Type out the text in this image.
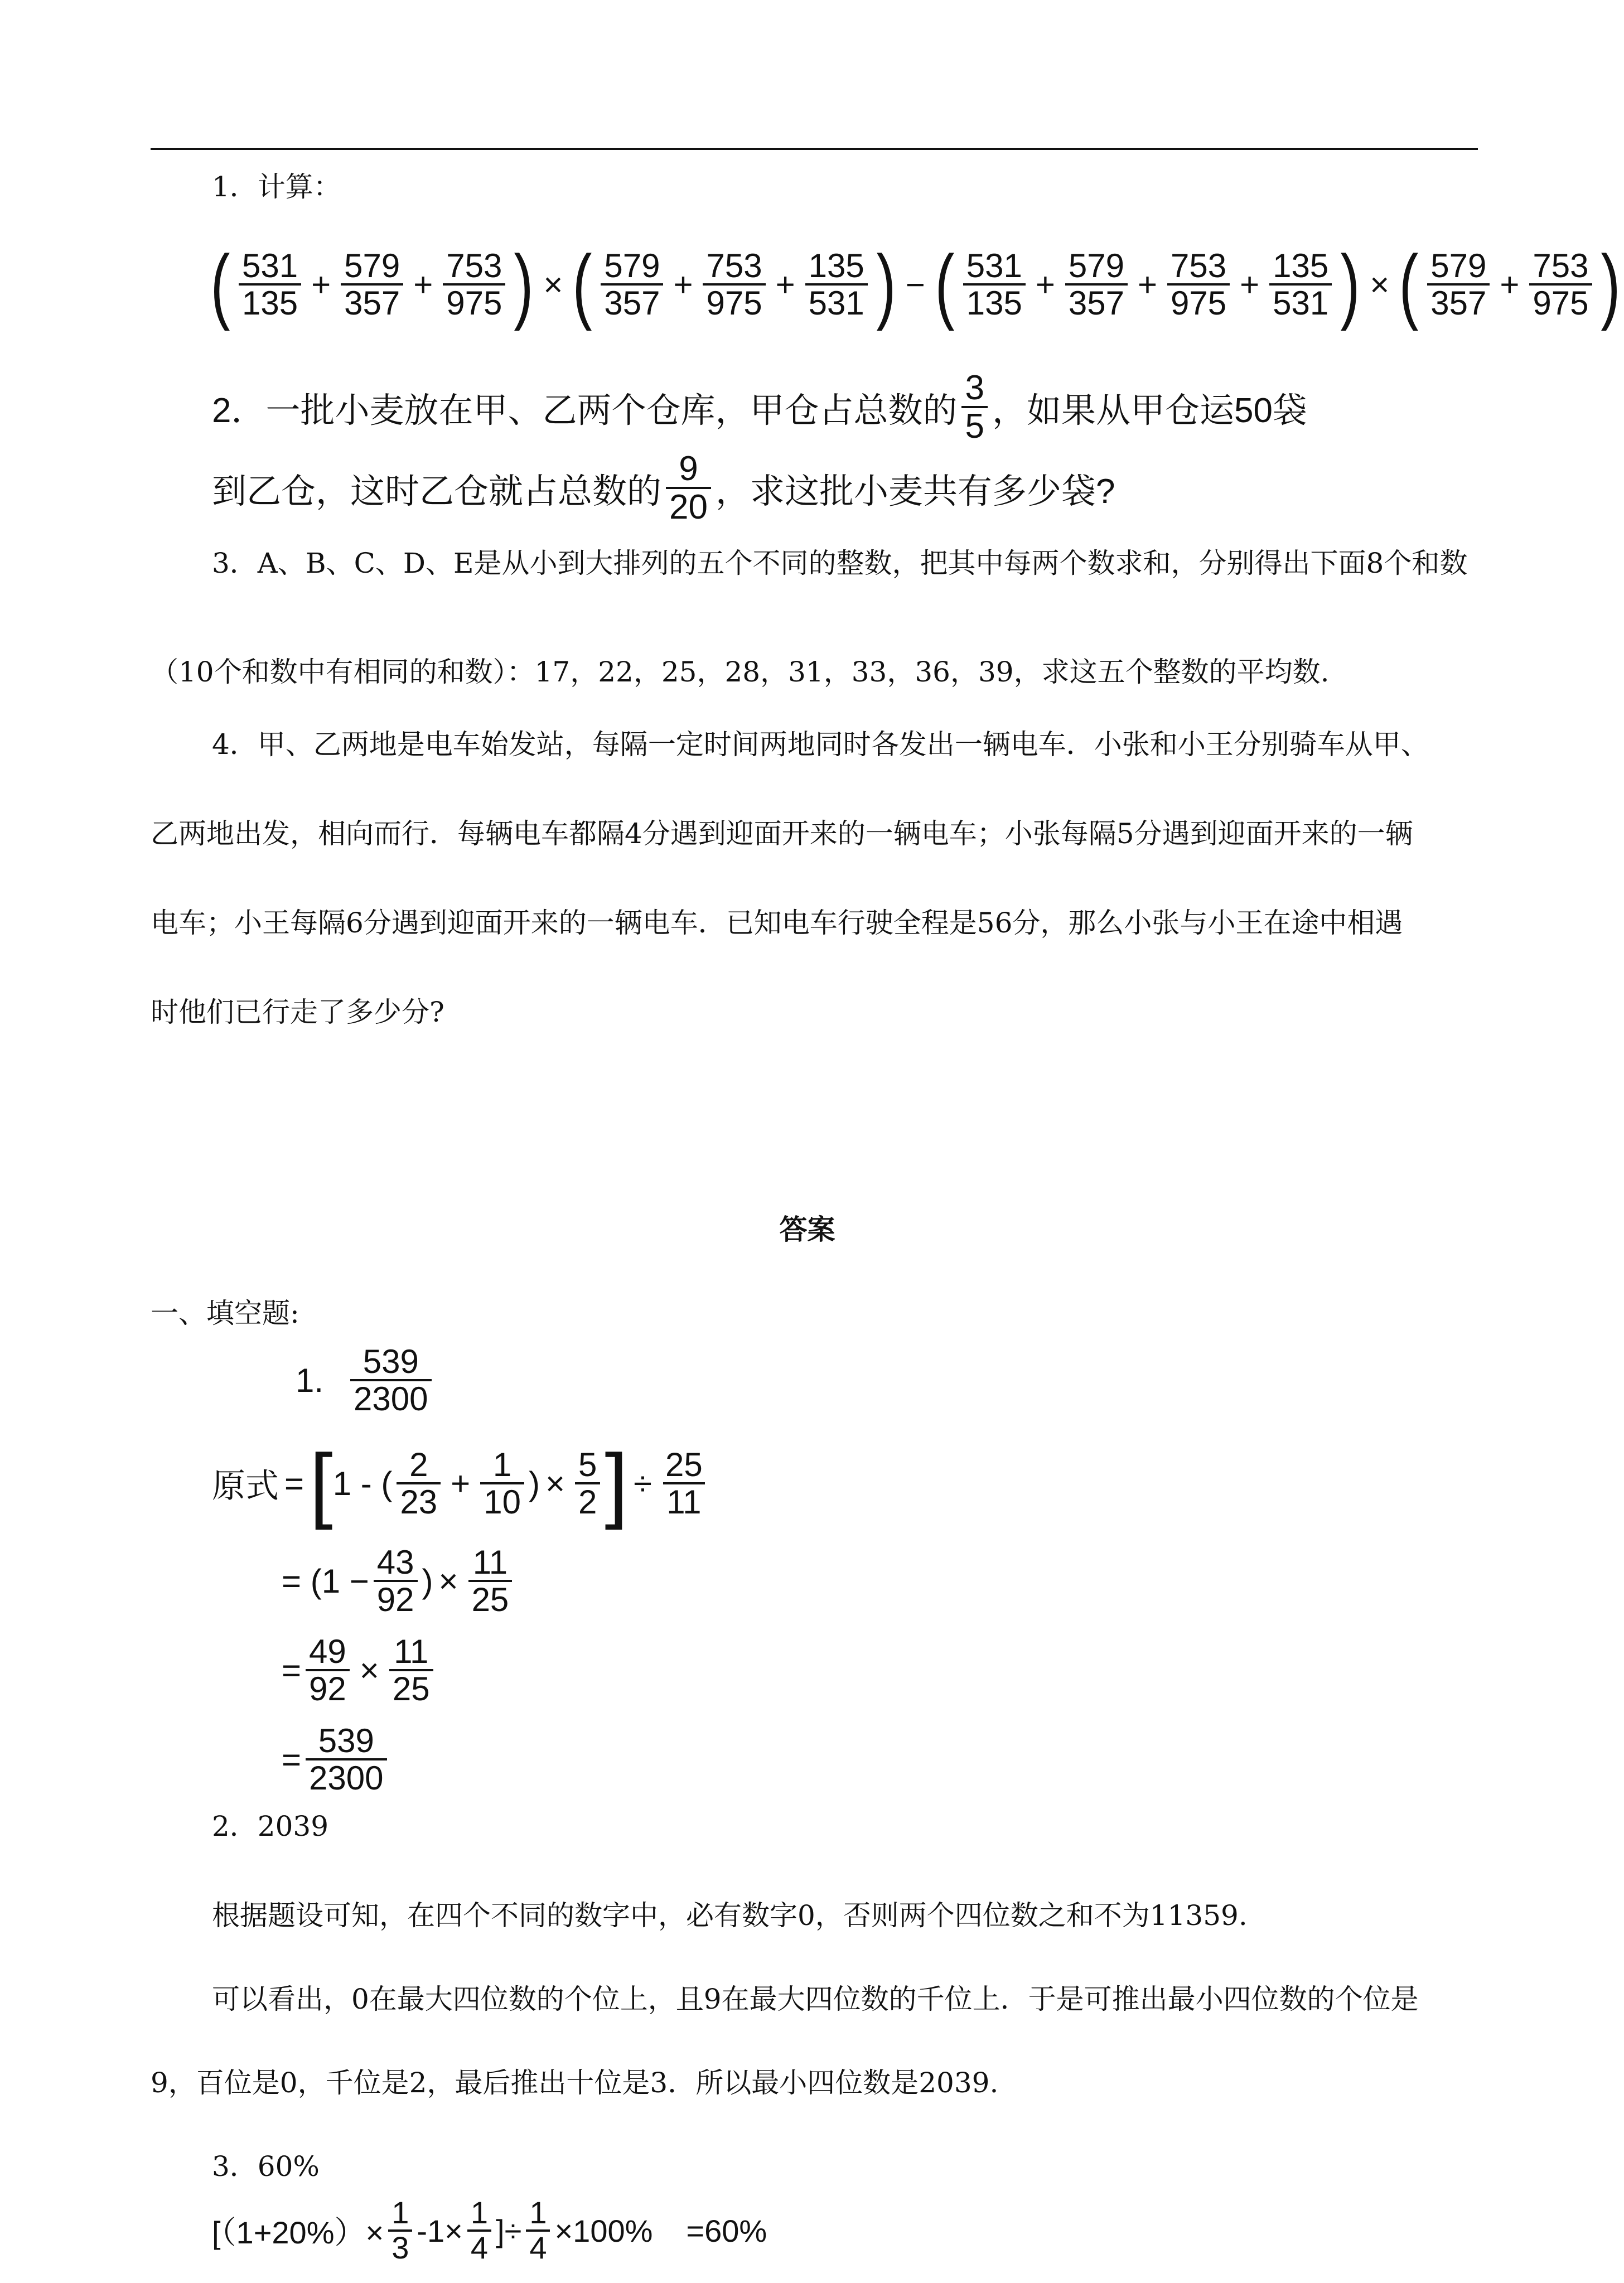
1．计算：
( $\frac{531}{135} + \frac{579}{357} + \frac{753}{975}$ ) × ( $\frac{579}{357} + \frac{753}{975} + \frac{135}{531}$ ) − ( $\frac{531}{135} + \frac{579}{357} + \frac{753}{975} + \frac{135}{531}$ ) × ( $\frac{579}{357} + \frac{753}{975}$ )
2．一批小麦放在甲、乙两个仓库，甲仓占总数的 $\frac{3}{5}$ ，如果从甲仓运50袋
到乙仓，这时乙仓就占总数的 $\frac{9}{20}$ ，求这批小麦共有多少袋?
3．A、B、C、D、E是从小到大排列的五个不同的整数，把其中每两个数求和，分别得出下面8个和数
（10个和数中有相同的和数）：17，22，25，28，31，33，36，39，求这五个整数的平均数.
4．甲、乙两地是电车始发站，每隔一定时间两地同时各发出一辆电车．小张和小王分别骑车从甲、
乙两地出发，相向而行．每辆电车都隔4分遇到迎面开来的一辆电车；小张每隔5分遇到迎面开来的一辆
电车；小王每隔6分遇到迎面开来的一辆电车．已知电车行驶全程是56分，那么小张与小王在途中相遇
时他们已行走了多少分?
答案
一、填空题:
1. $\frac{539}{2300}$
原式 = [ 1 - ( $\frac{2}{23} + \frac{1}{10}$ ) × $\frac{5}{2}$ ] ÷ $\frac{25}{11}$
= ($1 - \frac{43}{92}$ ) × $\frac{11}{25}$
= $\frac{49}{92} \times \frac{11}{25}$
= $\frac{539}{2300}$
2．2039
根据题设可知，在四个不同的数字中，必有数字0，否则两个四位数之和不为11359.
可以看出，0在最大四位数的个位上，且9在最大四位数的千位上．于是可推出最小四位数的个位是
9，百位是0，千位是2，最后推出十位是3．所以最小四位数是2039.
3．60%
[$(1+20\%)\times \frac{1}{3} -1\times \frac{1}{4}$ ]÷ $\frac{1}{4} \times 100\% =60\%$
